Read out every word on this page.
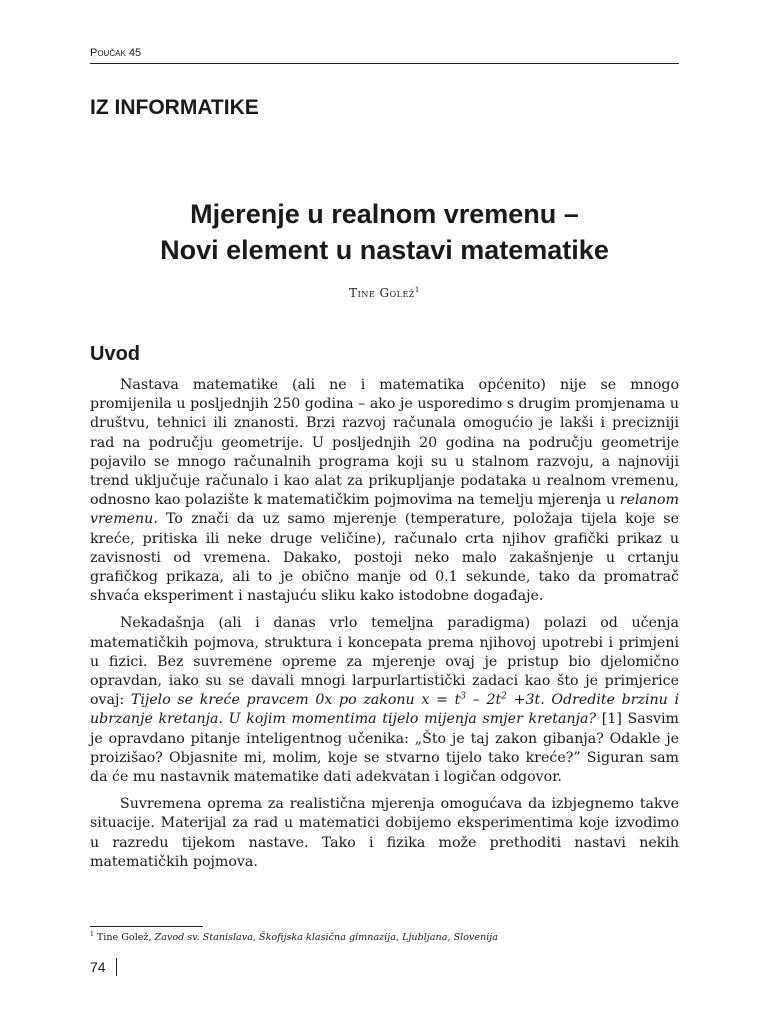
Poučak 45
IZ INFORMATIKE
Mjerenje u realnom vremenu –
Novi element u nastavi matematike
Tine Golež$^1$
Uvod

Nastava matematike (ali ne i matematika općenito) nije se mnogo promijenila u posljednjih 250 godina – ako je usporedimo s drugim promjenama u društvu, tehnici ili znanosti. Brzi razvoj računala omogućio je lakši i precizniji rad na području geometrije. U posljednjih 20 godina na području geometrije pojavilo se mnogo računalnih programa koji su u stalnom razvoju, a najnoviji trend uključuje računalo i kao alat za prikupljanje podataka u realnom vremenu, odnosno kao polazište k matematičkim pojmovima na temelju mjerenja u relanom vremenu. To znači da uz samo mjerenje (temperature, položaja tijela koje se kreće, pritiska ili neke druge veličine), računalo crta njihov grafički prikaz u zavisnosti od vremena. Dakako, postoji neko malo zakašnjenje u crtanju grafičkog prikaza, ali to je obično manje od 0.1 sekunde, tako da promatrač shvaća eksperiment i nastajuću sliku kako istodobne događaje.

Nekadašnja (ali i danas vrlo temeljna paradigma) polazi od učenja matematičkih pojmova, struktura i koncepata prema njihovoj upotrebi i primjeni u fizici. Bez suvremene opreme za mjerenje ovaj je pristup bio djelomično opravdan, iako su se davali mnogi larpurlartistički zadaci kao što je primjerice ovaj: Tijelo se kreće pravcem 0x po zakonu $x = t^3 - 2t^2 +3t$. Odredite brzinu i ubrzanje kretanja. U kojim momentima tijelo mijenja smjer kretanja? [1] Sasvim je opravdano pitanje inteligentnog učenika: „Što je taj zakon gibanja? Odakle je proizišao? Objasnite mi, molim, koje se stvarno tijelo tako kreće?” Siguran sam da će mu nastavnik matematike dati adekvatan i logičan odgovor.

Suvremena oprema za realistična mjerenja omogućava da izbjegnemo takve situacije. Materijal za rad u matematici dobijemo eksperimentima koje izvodimo u razredu tijekom nastave. Tako i fizika može prethoditi nastavi nekih matematičkih pojmova.

$^1$ Tine Golež, Zavod sv. Stanislava, Škofijska klasična gimnazija, Ljubljana, Slovenija
74
